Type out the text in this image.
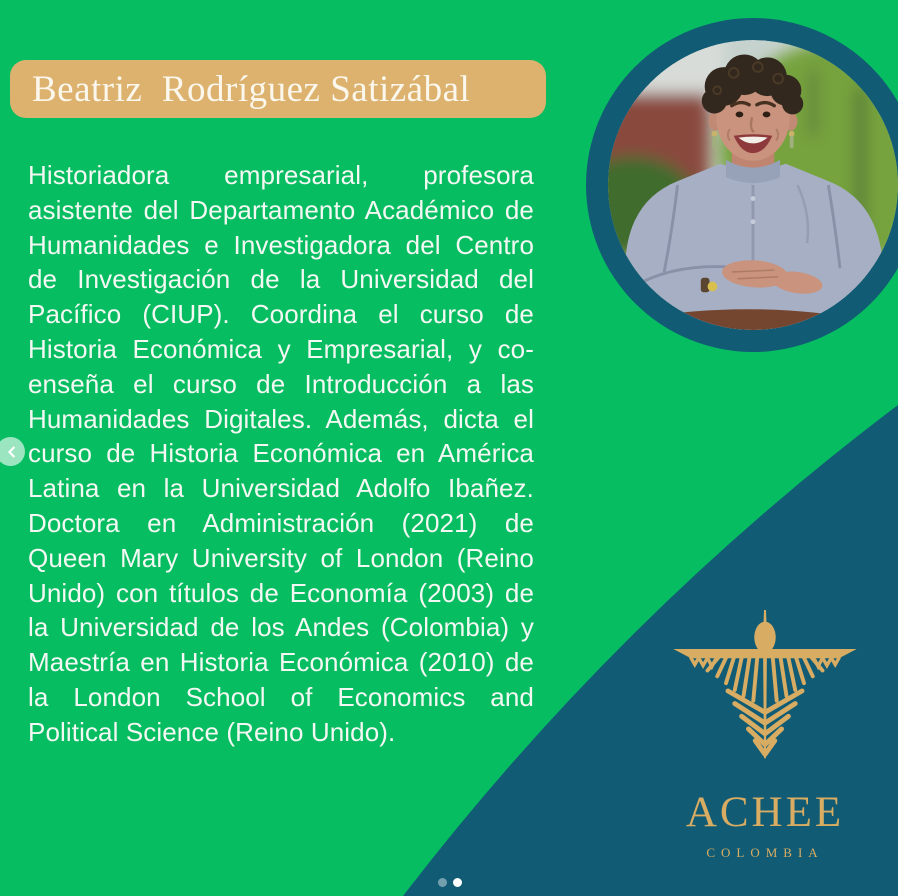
Beatriz  Rodríguez Satizábal

Historiadora empresarial, profesora asistente del Departamento Académico de Humanidades e Investigadora del Centro de Investigación de la Universidad del Pacífico (CIUP). Coordina el curso de Historia Económica y Empresarial, y co-enseña el curso de Introducción a las Humanidades Digitales. Además, dicta el curso de Historia Económica en América Latina en la Universidad Adolfo Ibañez. Doctora en Administración (2021) de Queen Mary University of London (Reino Unido) con títulos de Economía (2003) de la Universidad de los Andes (Colombia) y Maestría en Historia Económica (2010) de la London School of Economics and Political Science (Reino Unido).

ACHEE
COLOMBIA
